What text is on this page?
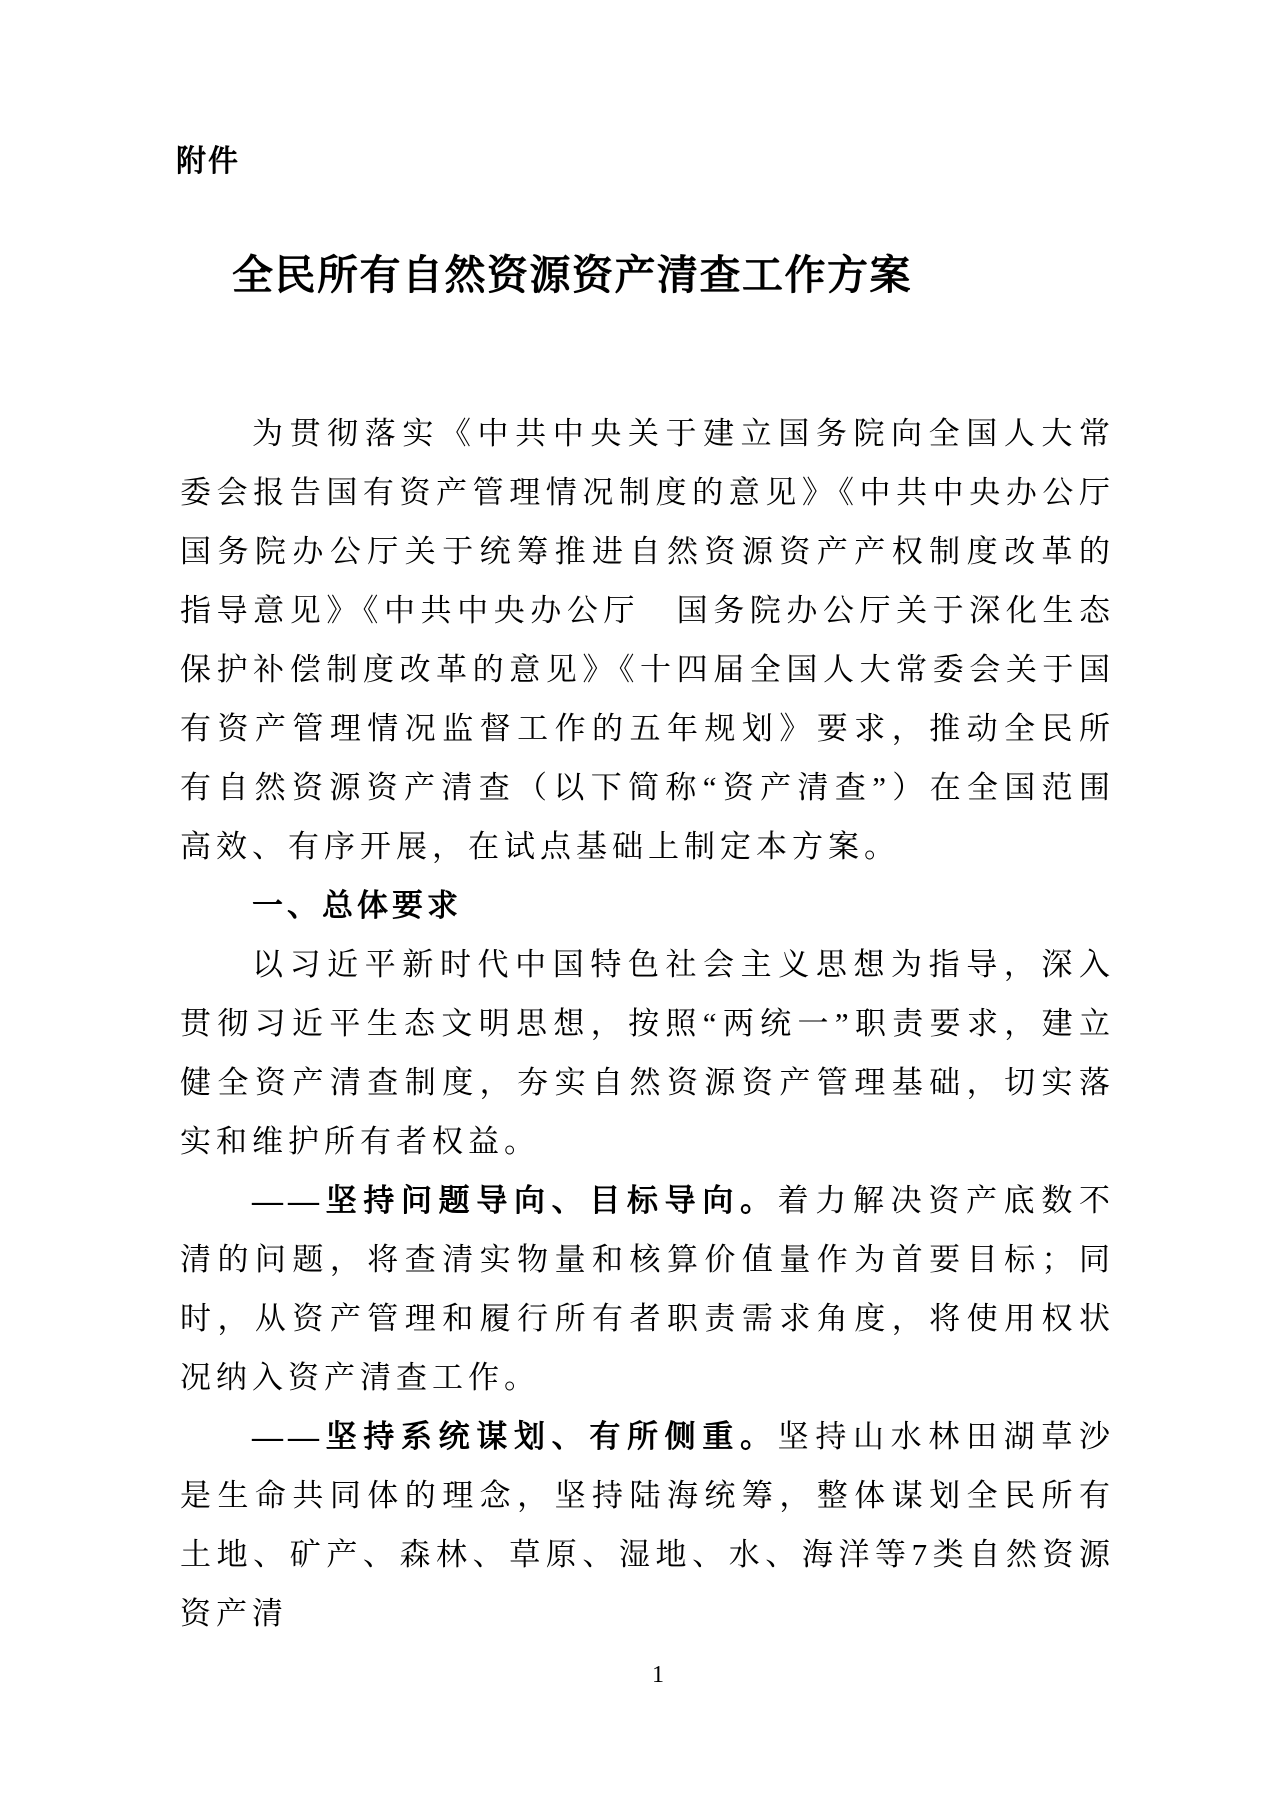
附件
全民所有自然资源资产清查工作方案

为贯彻落实《中共中央关于建立国务院向全国人大常委会报告国有资产管理情况制度的意见》《中共中央办公厅　国务院办公厅关于统筹推进自然资源资产产权制度改革的指导意见》《中共中央办公厅　国务院办公厅关于深化生态保护补偿制度改革的意见》《十四届全国人大常委会关于国有资产管理情况监督工作的五年规划》要求，推动全民所有自然资源资产清查（以下简称“资产清查”）在全国范围高效、有序开展，在试点基础上制定本方案。

一、总体要求

以习近平新时代中国特色社会主义思想为指导，深入贯彻习近平生态文明思想，按照“两统一”职责要求，建立健全资产清查制度，夯实自然资源资产管理基础，切实落实和维护所有者权益。

——坚持问题导向、目标导向。着力解决资产底数不清的问题，将查清实物量和核算价值量作为首要目标；同时，从资产管理和履行所有者职责需求角度，将使用权状况纳入资产清查工作。

——坚持系统谋划、有所侧重。坚持山水林田湖草沙是生命共同体的理念，坚持陆海统筹，整体谋划全民所有土地、矿产、森林、草原、湿地、水、海洋等7类自然资源资产清

1
